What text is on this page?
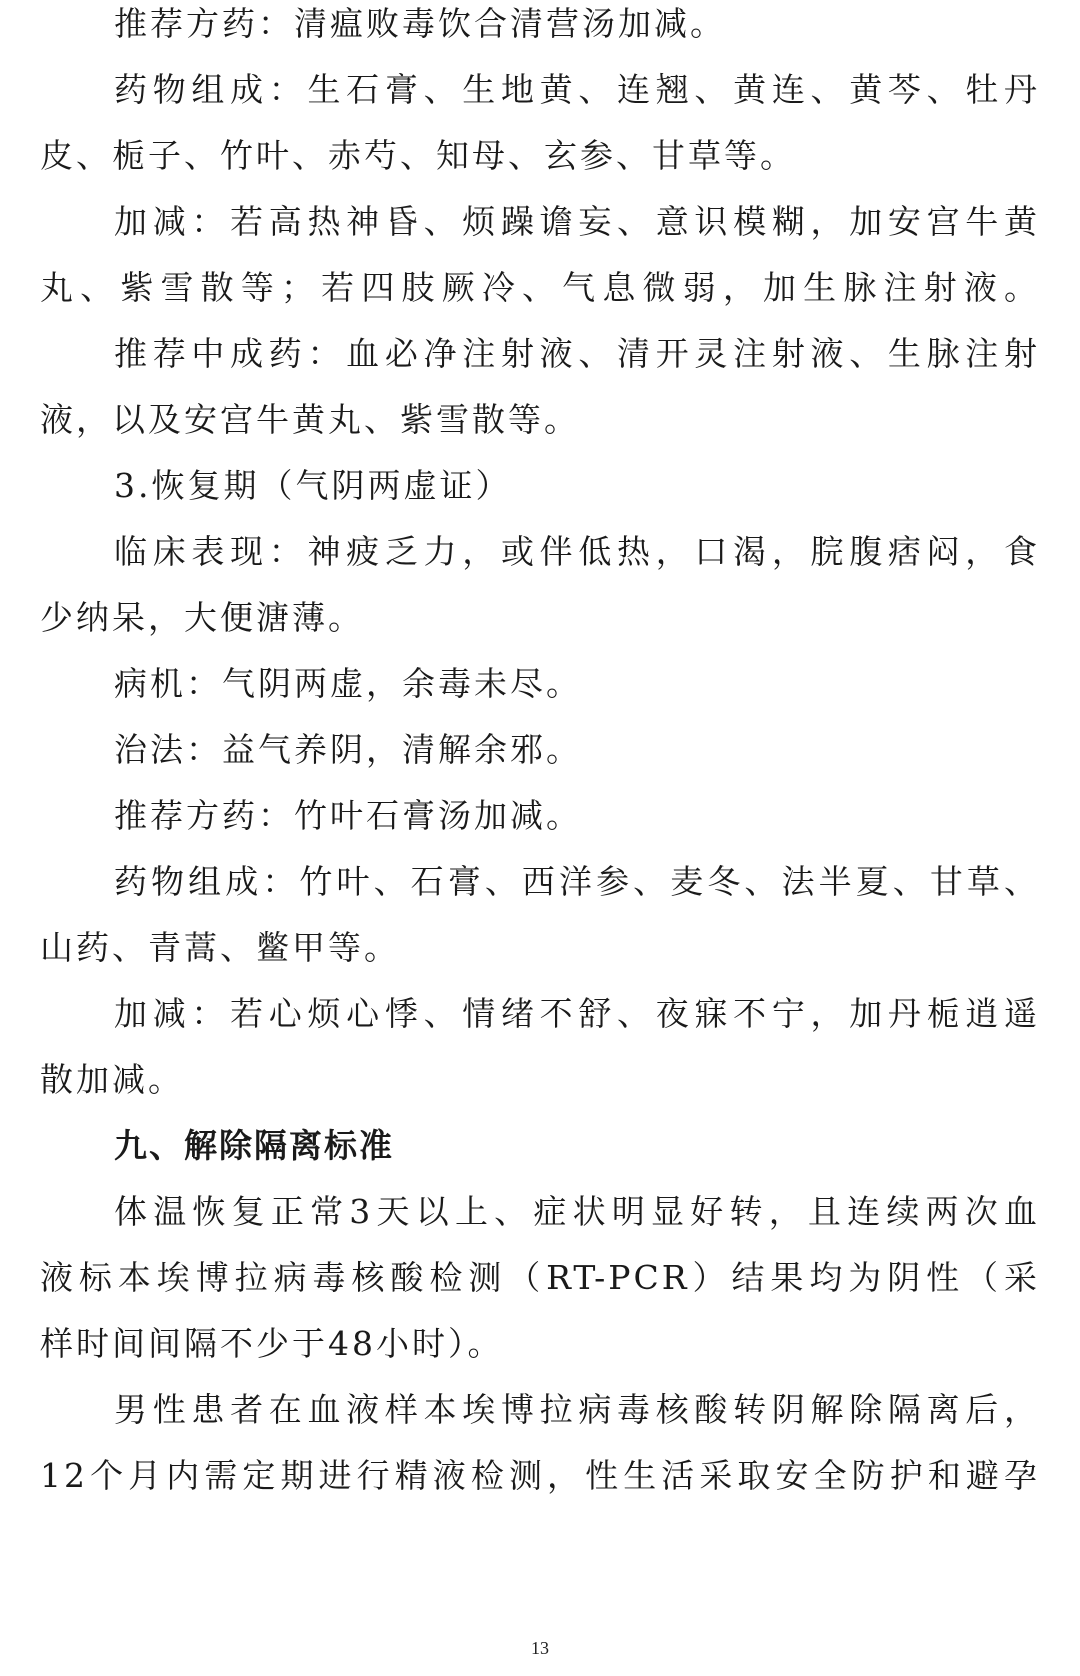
推荐方药：清瘟败毒饮合清营汤加减。
药物组成：生石膏、生地黄、连翘、黄连、黄芩、牡丹
皮、栀子、竹叶、赤芍、知母、玄参、甘草等。
加减：若高热神昏、烦躁谵妄、意识模糊，加安宫牛黄
丸、紫雪散等；若四肢厥冷、气息微弱，加生脉注射液。
推荐中成药：血必净注射液、清开灵注射液、生脉注射
液，以及安宫牛黄丸、紫雪散等。
3.恢复期（气阴两虚证）
临床表现：神疲乏力，或伴低热，口渴，脘腹痞闷，食
少纳呆，大便溏薄。
病机：气阴两虚，余毒未尽。
治法：益气养阴，清解余邪。
推荐方药：竹叶石膏汤加减。
药物组成：竹叶、石膏、西洋参、麦冬、法半夏、甘草、
山药、青蒿、鳖甲等。
加减：若心烦心悸、情绪不舒、夜寐不宁，加丹栀逍遥
散加减。
九、解除隔离标准
体温恢复正常3天以上、症状明显好转，且连续两次血
液标本埃博拉病毒核酸检测（RT-PCR）结果均为阴性（采
样时间间隔不少于48小时）。
男性患者在血液样本埃博拉病毒核酸转阴解除隔离后，
12个月内需定期进行精液检测，性生活采取安全防护和避孕
13
